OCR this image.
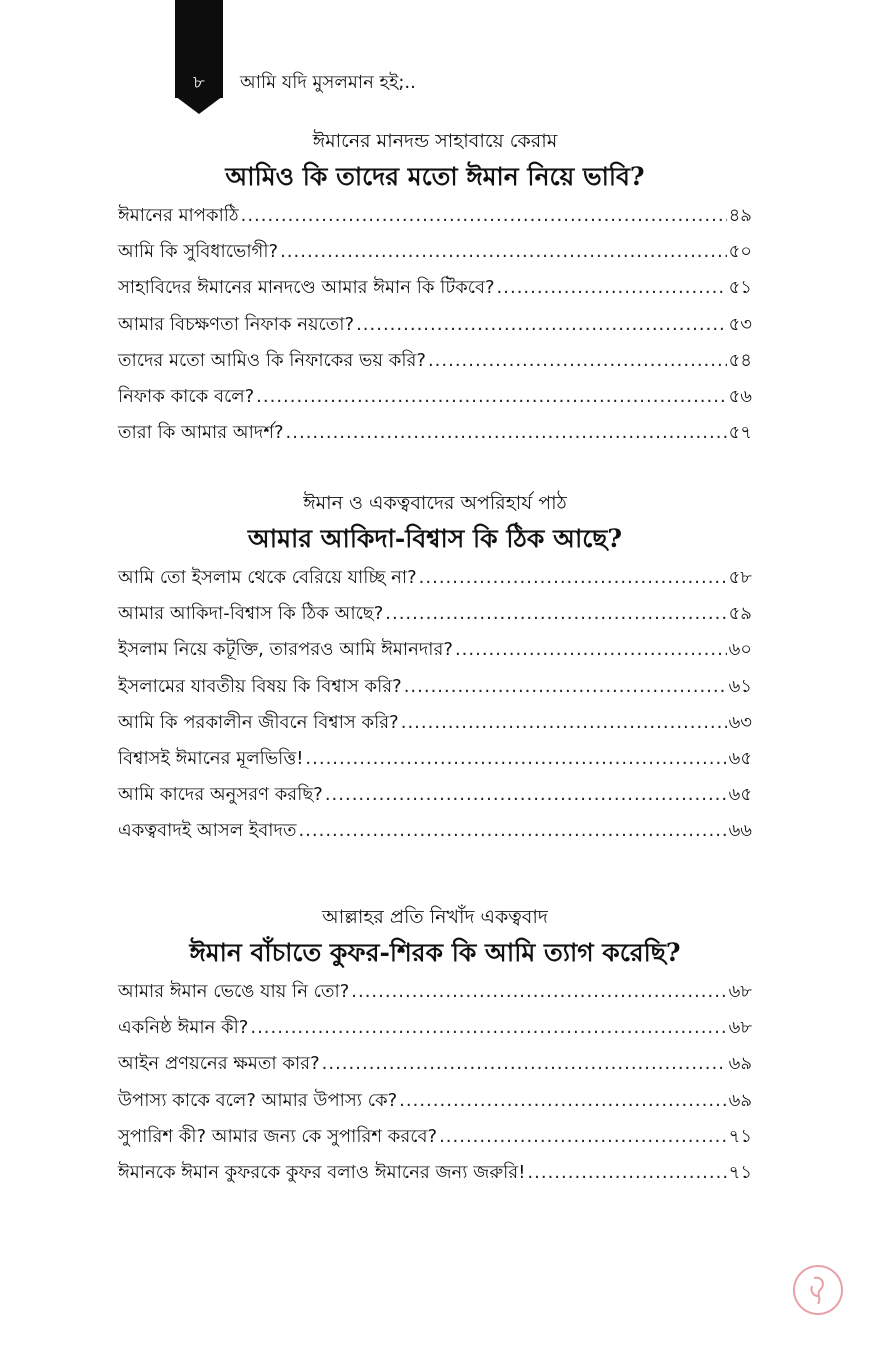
৮	আমি যদি মুসলমান হই;..
ঈমানের মানদন্ড সাহাবায়ে কেরাম
আমিও কি তাদের মতো ঈমান নিয়ে ভাবি?
ঈমানের মাপকাঠি .....	৪৯
আমি কি সুবিধাভোগী? .....	৫০
সাহাবিদের ঈমানের মানদণ্ডে আমার ঈমান কি টিকবে? .....	৫১
আমার বিচক্ষণতা নিফাক নয়তো? .....	৫৩
তাদের মতো আমিও কি নিফাকের ভয় করি? .....	৫৪
নিফাক কাকে বলে? .....	৫৬
তারা কি আমার আদর্শ? .....	৫৭
ঈমান ও একত্ববাদের অপরিহার্য পাঠ
আমার আকিদা-বিশ্বাস কি ঠিক আছে?
আমি তো ইসলাম থেকে বেরিয়ে যাচ্ছি না? .....	৫৮
আমার আকিদা-বিশ্বাস কি ঠিক আছে? .....	৫৯
ইসলাম নিয়ে কটূক্তি, তারপরও আমি ঈমানদার? .....	৬০
ইসলামের যাবতীয় বিষয় কি বিশ্বাস করি? .....	৬১
আমি কি পরকালীন জীবনে বিশ্বাস করি? .....	৬৩
বিশ্বাসই ঈমানের মূলভিত্তি! .....	৬৫
আমি কাদের অনুসরণ করছি? .....	৬৫
একত্ববাদই আসল ইবাদত .....	৬৬
আল্লাহর প্রতি নিখাঁদ একত্ববাদ
ঈমান বাঁচাতে কুফর-শিরক কি আমি ত্যাগ করেছি?
আমার ঈমান ভেঙে যায় নি তো? .....	৬৮
একনিষ্ঠ ঈমান কী? .....	৬৮
আইন প্রণয়নের ক্ষমতা কার? .....	৬৯
উপাস্য কাকে বলে? আমার উপাস্য কে? .....	৬৯
সুপারিশ কী? আমার জন্য কে সুপারিশ করবে? .....	৭১
ঈমানকে ঈমান কুফরকে কুফর বলাও ঈমানের জন্য জরুরি! .....	৭১
